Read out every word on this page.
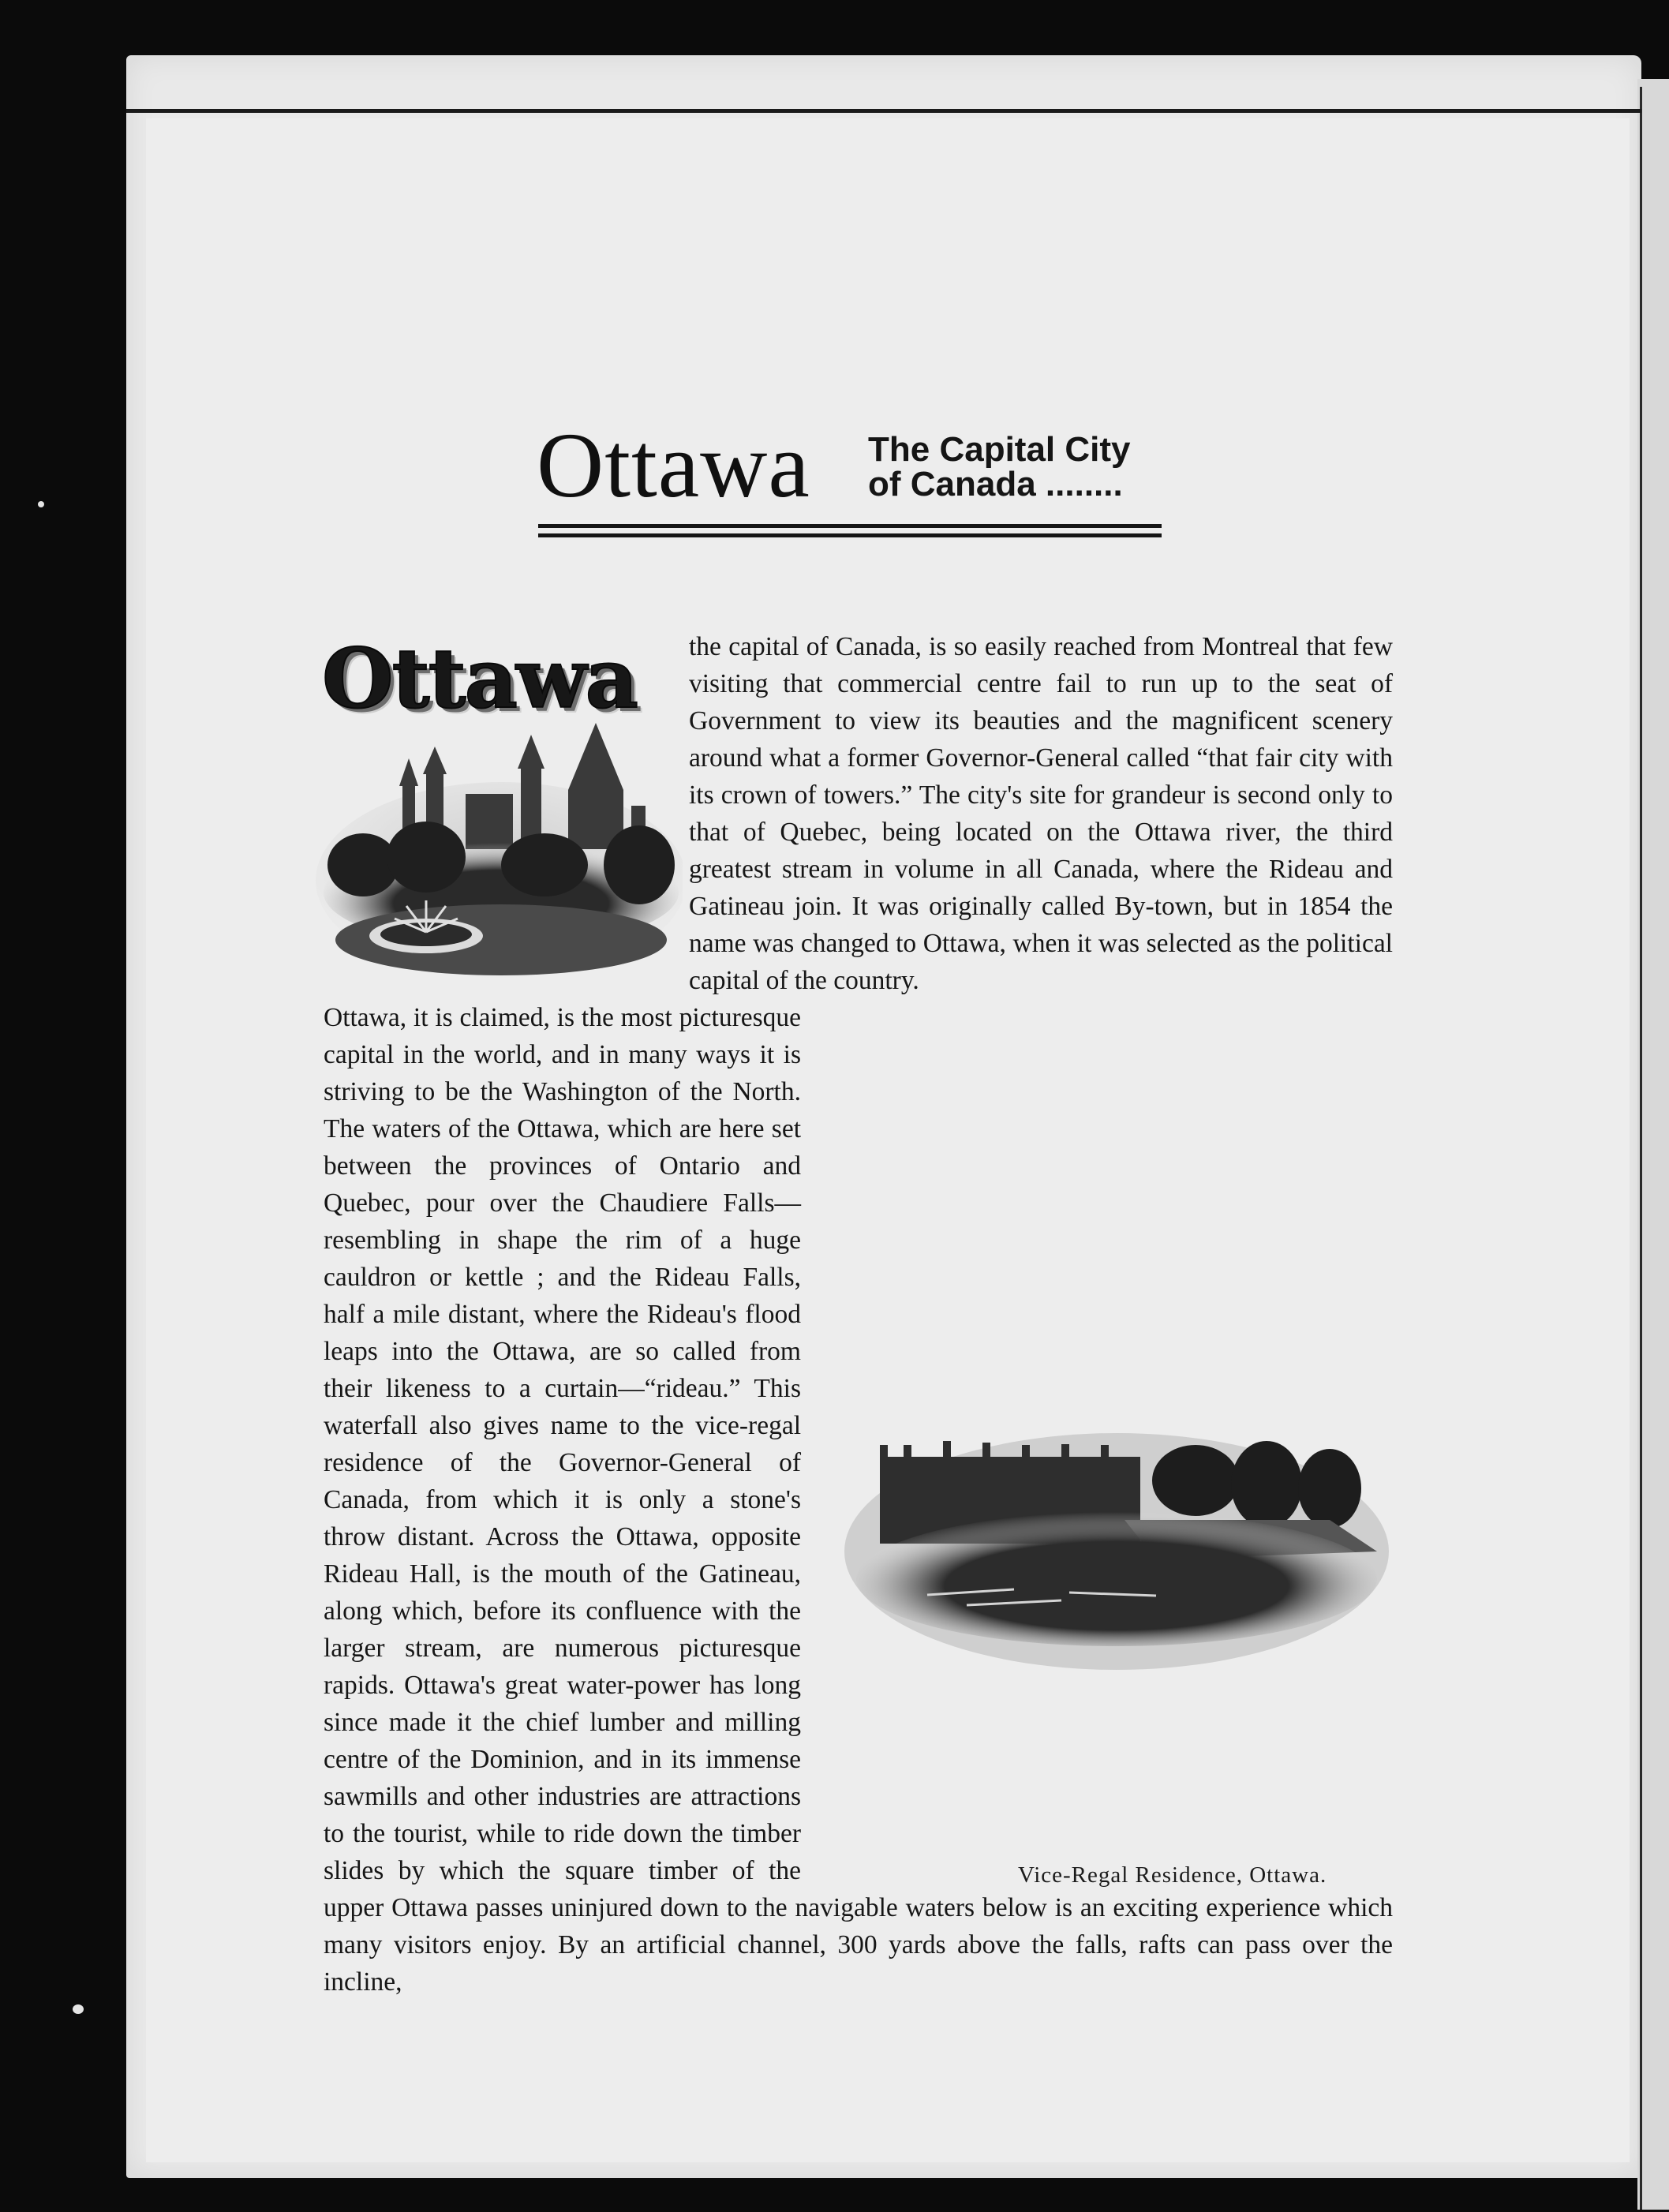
Ottawa The Capital City
of Canada ........
Ottawa	the capital of Canada, is so easily reached from Montreal that few visiting that commercial centre fail to run up to the seat of Government to view its beauties and the magnificent scenery around what a former Governor-General called “that fair city with its crown of towers.” The city's site for grandeur is second only to that of Quebec, being located on the Ottawa river, the third greatest stream in volume in all Canada, where the Rideau and Gatineau join. It was originally called By-town, but in 1854 the name was changed to Ottawa, when it was selected as the political capital of the country.

Ottawa, it is claimed, is the most picturesque capital in the world, and in many ways it is striving to be the Washington of the North. The waters of the Ottawa, which are here set between the provinces of Ontario and Quebec, pour over the Chaudiere Falls—resembling in shape the rim of a huge cauldron or kettle ; and the Rideau Falls, half a mile distant, where the Rideau's flood leaps into the Ottawa, are so called from their likeness to a curtain—“rideau.” This waterfall also gives name to the vice-regal residence of the Governor-General of Canada, from which it is only a stone's throw distant. Across the Ottawa, opposite Rideau Hall, is the mouth of the Gatineau, along which, before its confluence with the larger stream, are numerous picturesque rapids. Ottawa's great water-power has long since made it the chief lumber and milling centre of the Dominion, and in its immense sawmills and other industries are attractions to the tourist, while to ride down the timber slides by which the square timber of the upper Ottawa passes uninjured down to the navigable waters below is an exciting experience which many visitors enjoy. By an artificial channel, 300 yards above the falls, rafts can pass over the incline,

Vice-Regal Residence, Ottawa.
